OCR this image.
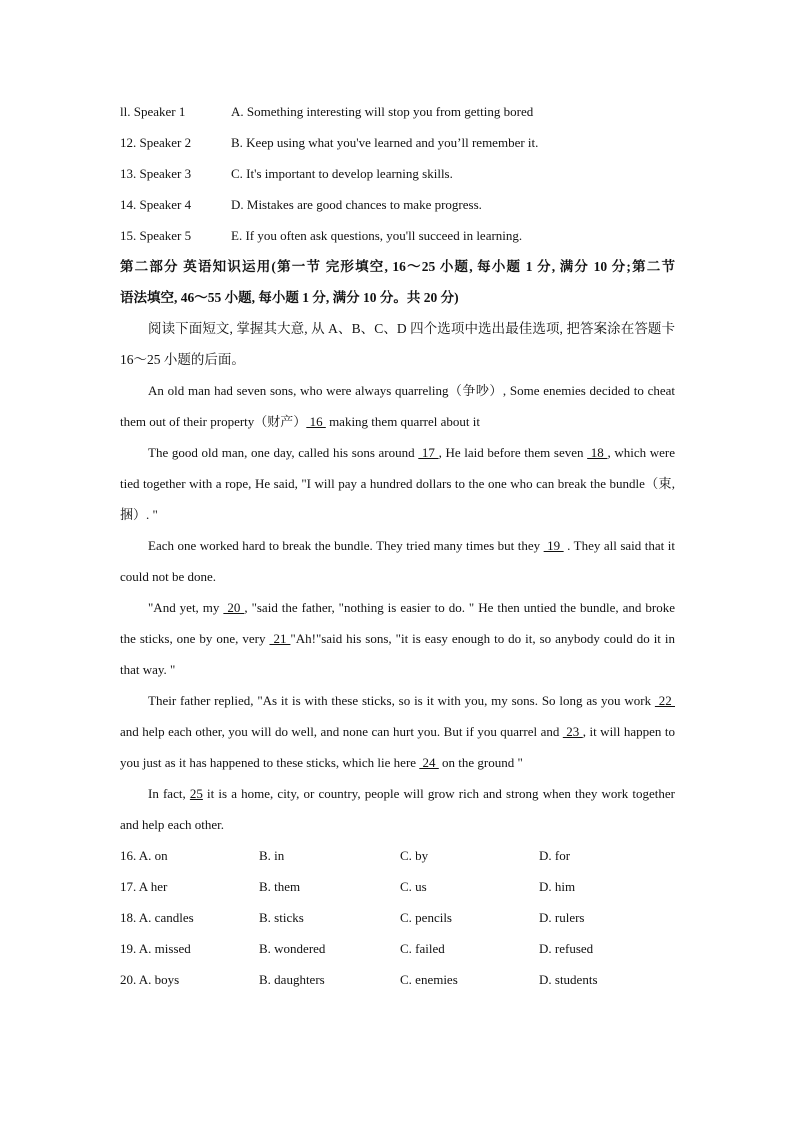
ll. Speaker 1	A. Something interesting will stop you from getting bored
12. Speaker 2	B. Keep using what you've learned and you’ll remember it.
13. Speaker 3	C. It's important to develop learning skills.
14. Speaker 4	D. Mistakes are good chances to make progress.
15. Speaker 5	E. If you often ask questions, you'll succeed in learning.
第二部分 英语知识运用(第一节 完形填空, 16～25 小题, 每小题 1 分, 满分 10 分;第二节
语法填空, 46～55 小题, 每小题 1 分, 满分 10 分。共 20 分)
阅读下面短文, 掌握其大意, 从 A、B、C、D 四个选项中选出最佳选项, 把答案涂在答题卡 16～25 小题的后面。
An old man had seven sons, who were always quarreling（争吵）, Some enemies decided to cheat them out of their property（财产） 16  making them quarrel about it
The good old man, one day, called his sons around  17 , He laid before them seven  18 , which were tied together with a rope, He said, "I will pay a hundred dollars to the one who can break the bundle（束, 捆）. "
Each one worked hard to break the bundle. They tried many times but they  19  . They all said that it could not be done.
"And yet, my  20 , "said the father, "nothing is easier to do. " He then untied the bundle, and broke the sticks, one by one, very  21 "Ah!"said his sons, "it is easy enough to do it, so anybody could do it in that way. "
Their father replied, "As it is with these sticks, so is it with you, my sons. So long as you work  22  and help each other, you will do well, and none can hurt you. But if you quarrel and  23 , it will happen to you just as it has happened to these sticks, which lie here  24  on the ground "
In fact, 25 it is a home, city, or country, people will grow rich and strong when they work together and help each other.
16. A. on	B. in	C. by	D. for
17. A her	B. them	C. us	D. him
18. A. candles	B. sticks	C. pencils	D. rulers
19. A. missed	B. wondered	C. failed	D. refused
20. A. boys	B. daughters	C. enemies	D. students
